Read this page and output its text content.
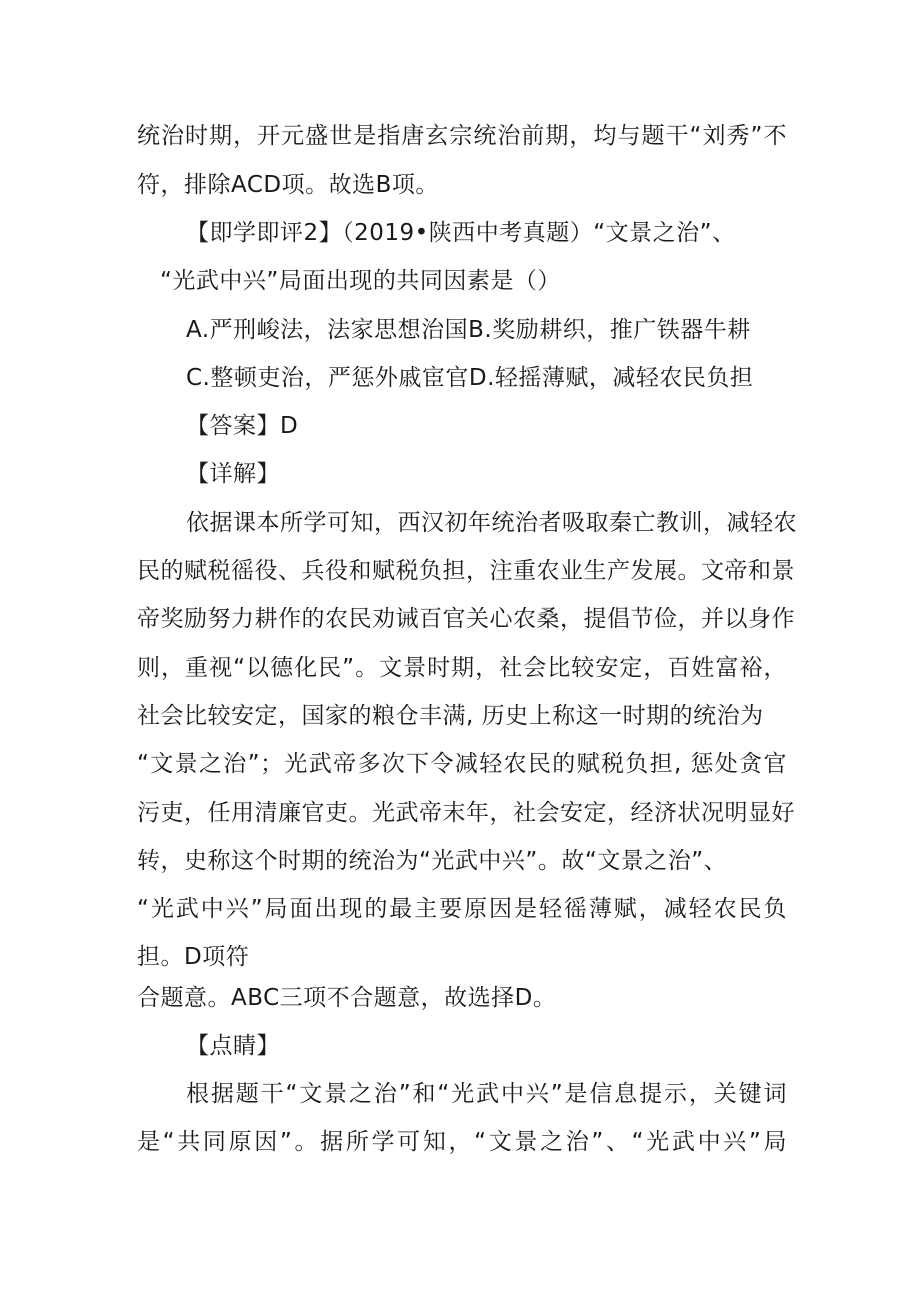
统治时期，开元盛世是指唐玄宗统治前期，均与题干“刘秀”不
符，排除ACD项。故选B项。
【即学即评2】（2019•陕西中考真题）“文景之治”、
“光武中兴”局面出现的共同因素是（）
A.严刑峻法，法家思想治国B.奖励耕织，推广铁器牛耕
C.整顿吏治，严惩外戚宦官D.轻摇薄赋，减轻农民负担
【答案】D
【详解】
依据课本所学可知，西汉初年统治者吸取秦亡教训，减轻农
民的赋税徭役、兵役和赋税负担，注重农业生产发展。文帝和景
帝奖励努力耕作的农民劝诫百官关心农桑，提倡节俭，并以身作
则，重视“以德化民”。文景时期，社会比较安定，百姓富裕，
社会比较安定，国家的粮仓丰满, 历史上称这一时期的统治为
“文景之治”；光武帝多次下令减轻农民的赋税负担, 惩处贪官
污吏，任用清廉官吏。光武帝末年，社会安定，经济状况明显好
转，史称这个时期的统治为“光武中兴”。故“文景之治”、
“光武中兴”局面出现的最主要原因是轻徭薄赋，减轻农民负
担。D项符
合题意。ABC三项不合题意，故选择D。
【点睛】
根据题干“文景之治”和“光武中兴”是信息提示，关键词
是“共同原因”。据所学可知，“文景之治”、“光武中兴”局
